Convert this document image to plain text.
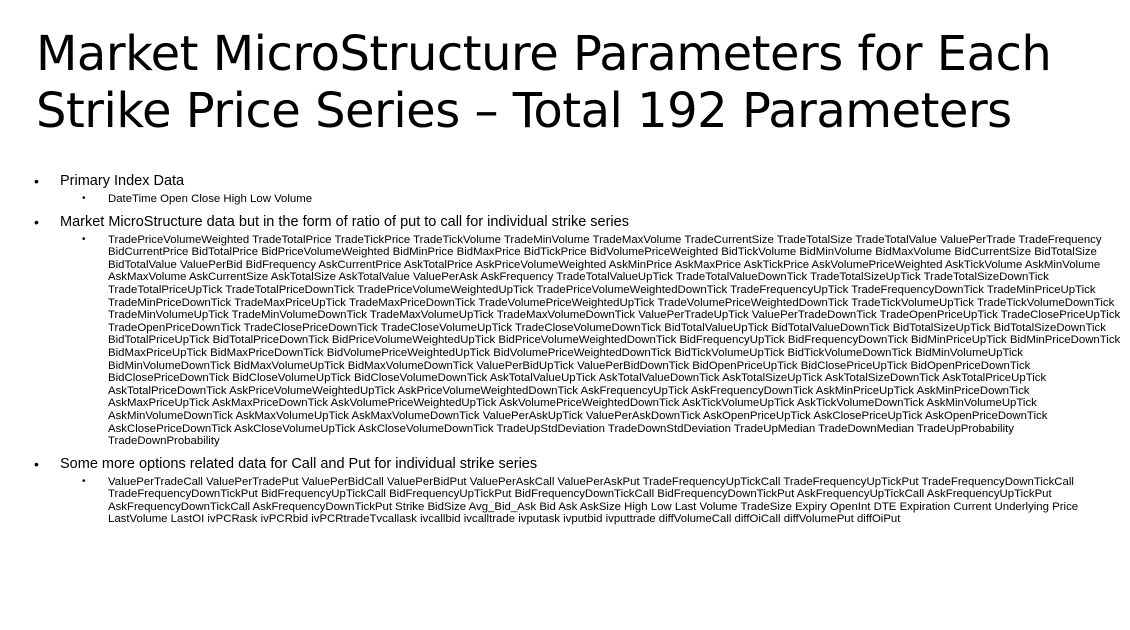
Market MicroStructure Parameters for Each Strike Price Series – Total 192 Parameters
• Primary Index Data
• DateTime Open Close High Low Volume
• Market MicroStructure data but in the form of ratio of put to call for individual strike series
• TradePriceVolumeWeighted TradeTotalPrice TradeTickPrice TradeTickVolume TradeMinVolume TradeMaxVolume TradeCurrentSize TradeTotalSize TradeTotalValue ValuePerTrade TradeFrequency BidCurrentPrice BidTotalPrice BidPriceVolumeWeighted BidMinPrice BidMaxPrice BidTickPrice BidVolumePriceWeighted BidTickVolume BidMinVolume BidMaxVolume BidCurrentSize BidTotalSize BidTotalValue ValuePerBid BidFrequency AskCurrentPrice AskTotalPrice AskPriceVolumeWeighted AskMinPrice AskMaxPrice AskTickPrice AskVolumePriceWeighted AskTickVolume AskMinVolume AskMaxVolume AskCurrentSize AskTotalSize AskTotalValue ValuePerAsk AskFrequency TradeTotalValueUpTick TradeTotalValueDownTick TradeTotalSizeUpTick TradeTotalSizeDownTick TradeTotalPriceUpTick TradeTotalPriceDownTick TradePriceVolumeWeightedUpTick TradePriceVolumeWeightedDownTick TradeFrequencyUpTick TradeFrequencyDownTick TradeMinPriceUpTick TradeMinPriceDownTick TradeMaxPriceUpTick TradeMaxPriceDownTick TradeVolumePriceWeightedUpTick TradeVolumePriceWeightedDownTick TradeTickVolumeUpTick TradeTickVolumeDownTick TradeMinVolumeUpTick TradeMinVolumeDownTick TradeMaxVolumeUpTick TradeMaxVolumeDownTick ValuePerTradeUpTick ValuePerTradeDownTick TradeOpenPriceUpTick TradeClosePriceUpTick TradeOpenPriceDownTick TradeClosePriceDownTick TradeCloseVolumeUpTick TradeCloseVolumeDownTick BidTotalValueUpTick BidTotalValueDownTick BidTotalSizeUpTick BidTotalSizeDownTick BidTotalPriceUpTick BidTotalPriceDownTick BidPriceVolumeWeightedUpTick BidPriceVolumeWeightedDownTick BidFrequencyUpTick BidFrequencyDownTick BidMinPriceUpTick BidMinPriceDownTick BidMaxPriceUpTick BidMaxPriceDownTick BidVolumePriceWeightedUpTick BidVolumePriceWeightedDownTick BidTickVolumeUpTick BidTickVolumeDownTick BidMinVolumeUpTick BidMinVolumeDownTick BidMaxVolumeUpTick BidMaxVolumeDownTick ValuePerBidUpTick ValuePerBidDownTick BidOpenPriceUpTick BidClosePriceUpTick BidOpenPriceDownTick BidClosePriceDownTick BidCloseVolumeUpTick BidCloseVolumeDownTick AskTotalValueUpTick AskTotalValueDownTick AskTotalSizeUpTick AskTotalSizeDownTick AskTotalPriceUpTick AskTotalPriceDownTick AskPriceVolumeWeightedUpTick AskPriceVolumeWeightedDownTick AskFrequencyUpTick AskFrequencyDownTick AskMinPriceUpTick AskMinPriceDownTick AskMaxPriceUpTick AskMaxPriceDownTick AskVolumePriceWeightedUpTick AskVolumePriceWeightedDownTick AskTickVolumeUpTick AskTickVolumeDownTick AskMinVolumeUpTick AskMinVolumeDownTick AskMaxVolumeUpTick AskMaxVolumeDownTick ValuePerAskUpTick ValuePerAskDownTick AskOpenPriceUpTick AskClosePriceUpTick AskOpenPriceDownTick AskClosePriceDownTick AskCloseVolumeUpTick AskCloseVolumeDownTick TradeUpStdDeviation TradeDownStdDeviation TradeUpMedian TradeDownMedian TradeUpProbability TradeDownProbability
• Some more options related data for Call and Put for individual strike series
• ValuePerTradeCall ValuePerTradePut ValuePerBidCall ValuePerBidPut ValuePerAskCall ValuePerAskPut TradeFrequencyUpTickCall TradeFrequencyUpTickPut TradeFrequencyDownTickCall TradeFrequencyDownTickPut BidFrequencyUpTickCall BidFrequencyUpTickPut BidFrequencyDownTickCall BidFrequencyDownTickPut AskFrequencyUpTickCall AskFrequencyUpTickPut AskFrequencyDownTickCall AskFrequencyDownTickPut Strike BidSize Avg_Bid_Ask Bid Ask AskSize High Low Last Volume TradeSize Expiry OpenInt DTE Expiration Current Underlying Price LastVolume LastOI ivPCRask ivPCRbid ivPCRtradeTvcallask ivcallbid ivcalltrade ivputask ivputbid ivputtrade diffVolumeCall diffOiCall diffVolumePut diffOiPut
